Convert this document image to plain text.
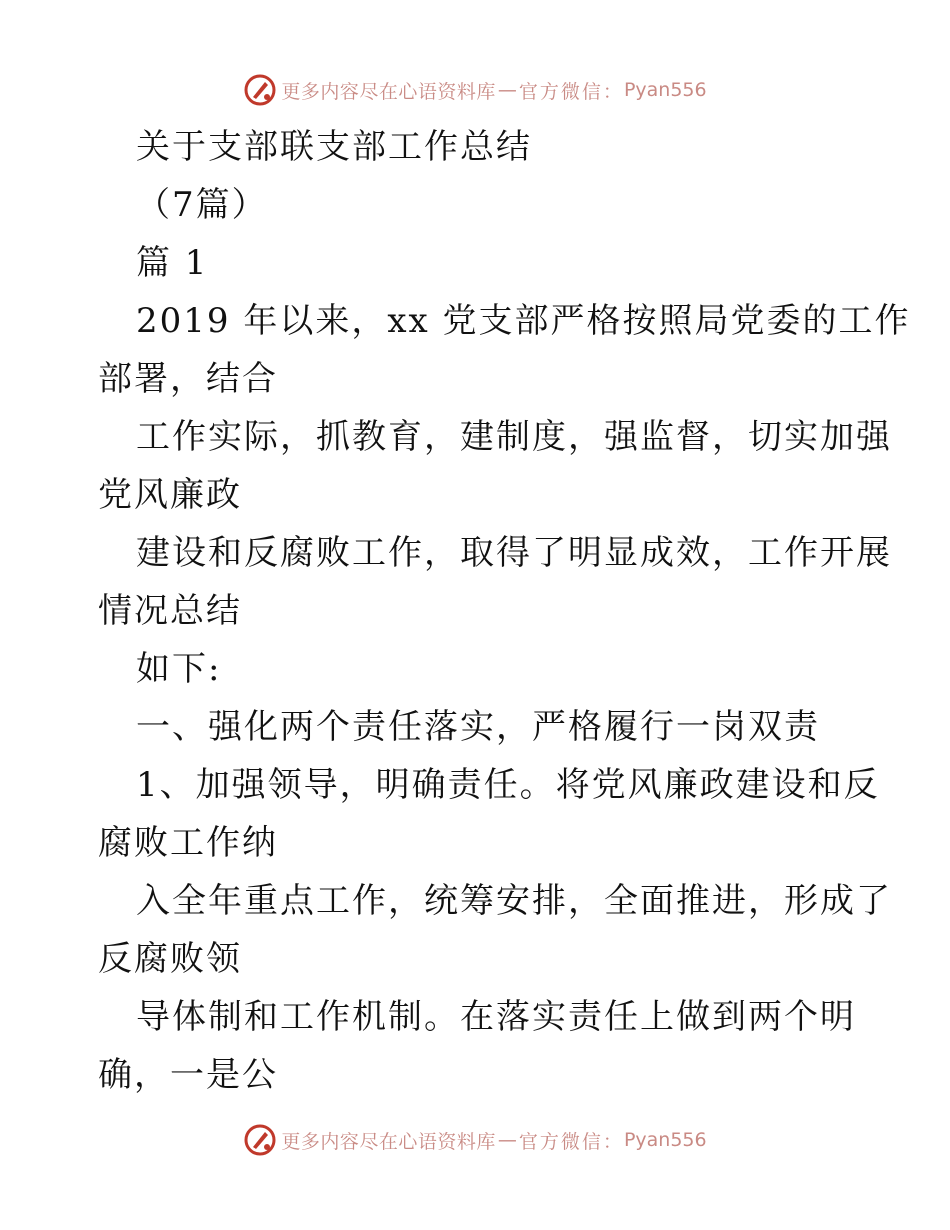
更多内容尽在心语资料库 — 官方微信： Pyan556
关于支部联支部工作总结
（7篇）
篇 1
2019 年以来，xx 党支部严格按照局党委的工作
部署，结合
工作实际，抓教育，建制度，强监督，切实加强
党风廉政
建设和反腐败工作，取得了明显成效，工作开展
情况总结
如下:
一、强化两个责任落实，严格履行一岗双责
1、加强领导，明确责任。将党风廉政建设和反
腐败工作纳
入全年重点工作，统筹安排，全面推进，形成了
反腐败领
导体制和工作机制。在落实责任上做到两个明
确，一是公
更多内容尽在心语资料库 — 官方微信： Pyan556
